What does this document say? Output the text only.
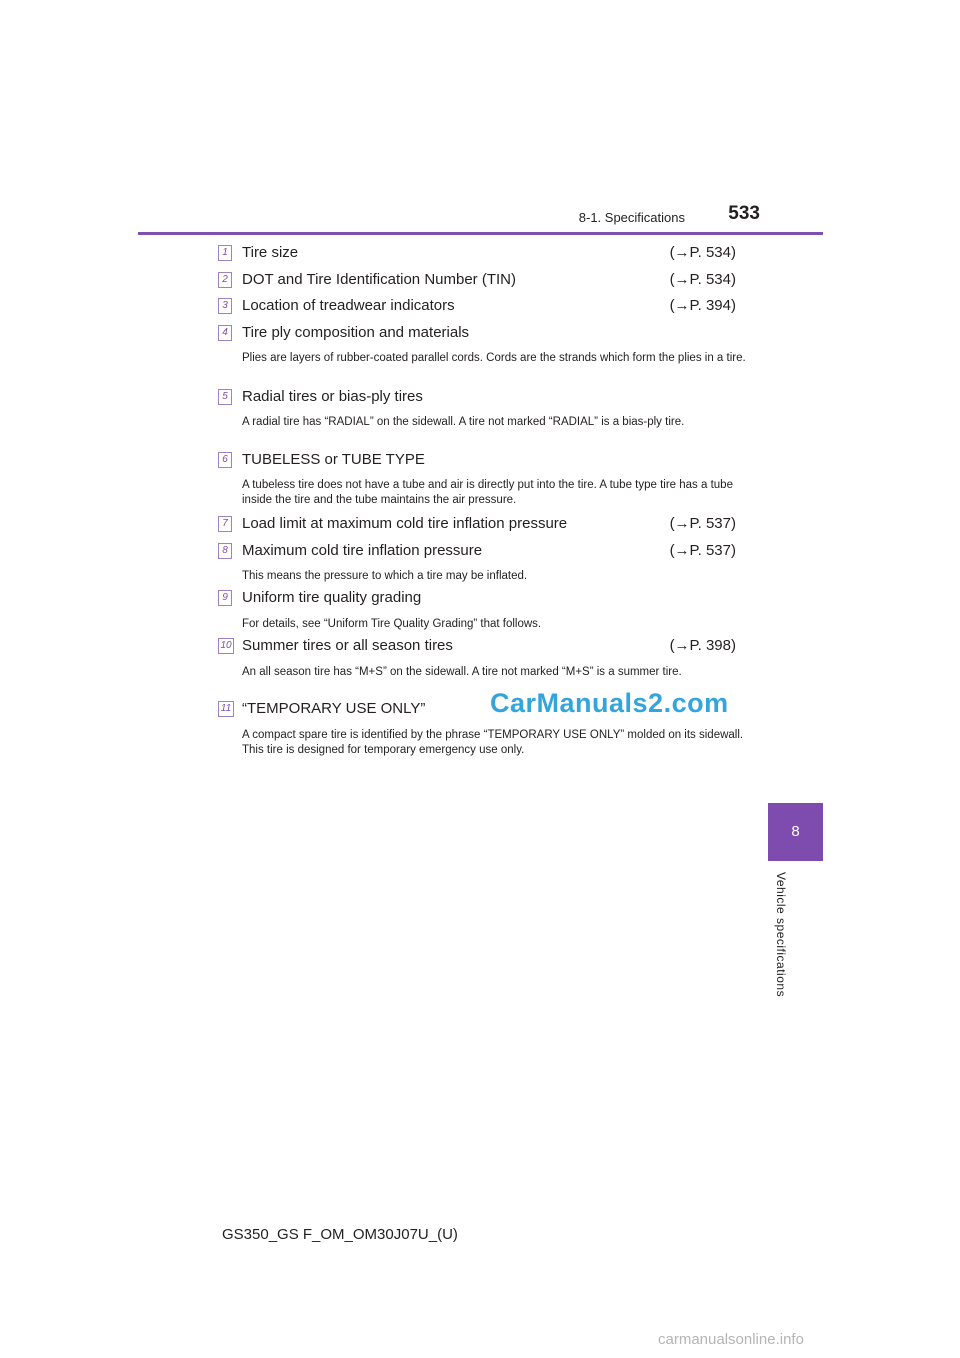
8-1. Specifications	533
8
Vehicle specifications
1 Tire size	(→P. 534)
2 DOT and Tire Identification Number (TIN)	(→P. 534)
3 Location of treadwear indicators	(→P. 394)
4 Tire ply composition and materials
Plies are layers of rubber-coated parallel cords. Cords are the strands which form the plies in a tire.
5 Radial tires or bias-ply tires
A radial tire has “RADIAL” on the sidewall. A tire not marked “RADIAL” is a bias-ply tire.
6 TUBELESS or TUBE TYPE
A tubeless tire does not have a tube and air is directly put into the tire. A tube type tire has a tube inside the tire and the tube maintains the air pressure.
7 Load limit at maximum cold tire inflation pressure	(→P. 537)
8 Maximum cold tire inflation pressure	(→P. 537)
This means the pressure to which a tire may be inflated.
9 Uniform tire quality grading
For details, see “Uniform Tire Quality Grading” that follows.
10 Summer tires or all season tires	(→P. 398)
An all season tire has “M+S” on the sidewall. A tire not marked “M+S” is a summer tire.
11 “TEMPORARY USE ONLY”
A compact spare tire is identified by the phrase “TEMPORARY USE ONLY” molded on its sidewall. This tire is designed for temporary emergency use only.
CarManuals2.com
GS350_GS F_OM_OM30J07U_(U)
carmanualsonline.info
